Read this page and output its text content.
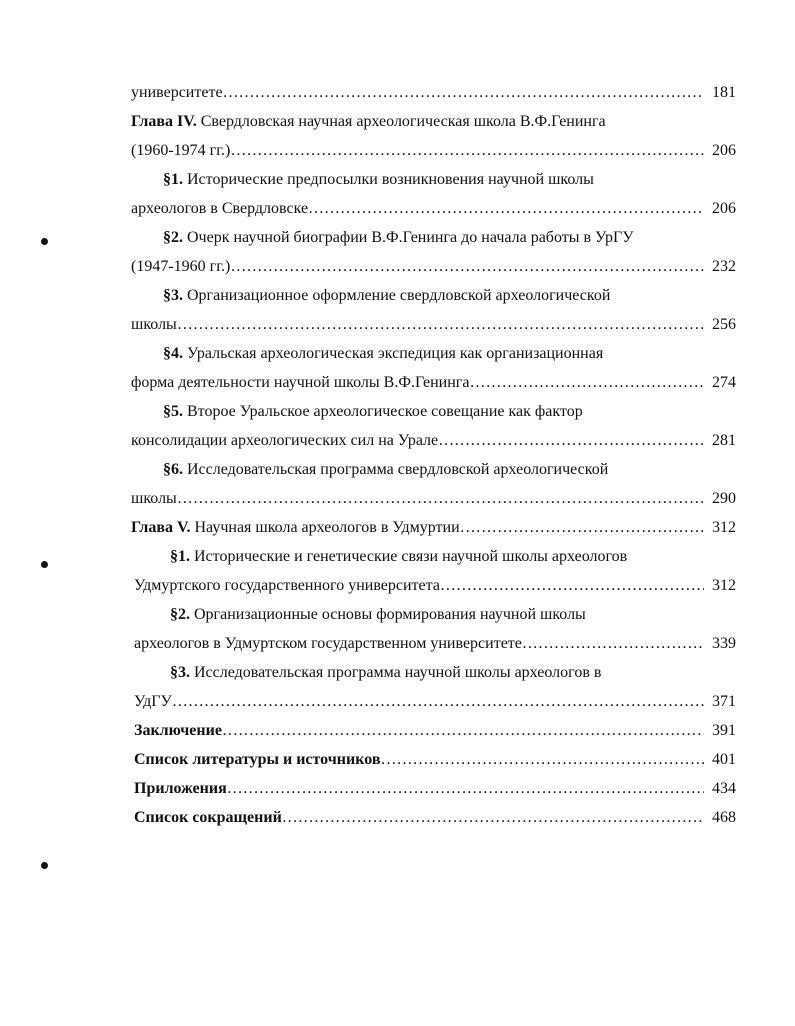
университете ……………………………………………………………………………………………………………………………………………………………………………………	181
Глава IV. Свердловская научная археологическая школа В.Ф.Генинга
(1960-1974 гг.) ……………………………………………………………………………………………………………………………………………………………………………………	206
§1. Исторические предпосылки возникновения научной школы
археологов в Свердловске ……………………………………………………………………………………………………………………………………………………………………………………	206
§2. Очерк научной биографии В.Ф.Генинга до начала работы в УрГУ
(1947-1960 гг.) ……………………………………………………………………………………………………………………………………………………………………………………	232
§3. Организационное оформление свердловской археологической
школы ……………………………………………………………………………………………………………………………………………………………………………………	256
§4. Уральская археологическая экспедиция как организационная
форма деятельности научной школы В.Ф.Генинга ……………………………………………………………………………………………………………………………………………………………………………………	274
§5. Второе Уральское археологическое совещание как фактор
консолидации археологических сил на Урале ……………………………………………………………………………………………………………………………………………………………………………………	281
§6. Исследовательская программа свердловской археологической
школы ……………………………………………………………………………………………………………………………………………………………………………………	290
Глава V. Научная школа археологов в Удмуртии ……………………………………………………………………………………………………………………………………………………………………………………	312
§1. Исторические и генетические связи научной школы археологов
Удмуртского государственного университета ……………………………………………………………………………………………………………………………………………………………………………………	312
§2. Организационные основы формирования научной школы
археологов в Удмуртском государственном университете ……………………………………………………………………………………………………………………………………………………………………………………	339
§3. Исследовательская программа научной школы археологов в
УдГУ ……………………………………………………………………………………………………………………………………………………………………………………	371
Заключение ……………………………………………………………………………………………………………………………………………………………………………………	391
Список литературы и источников ……………………………………………………………………………………………………………………………………………………………………………………	401
Приложения ……………………………………………………………………………………………………………………………………………………………………………………	434
Список сокращений ……………………………………………………………………………………………………………………………………………………………………………………	468
